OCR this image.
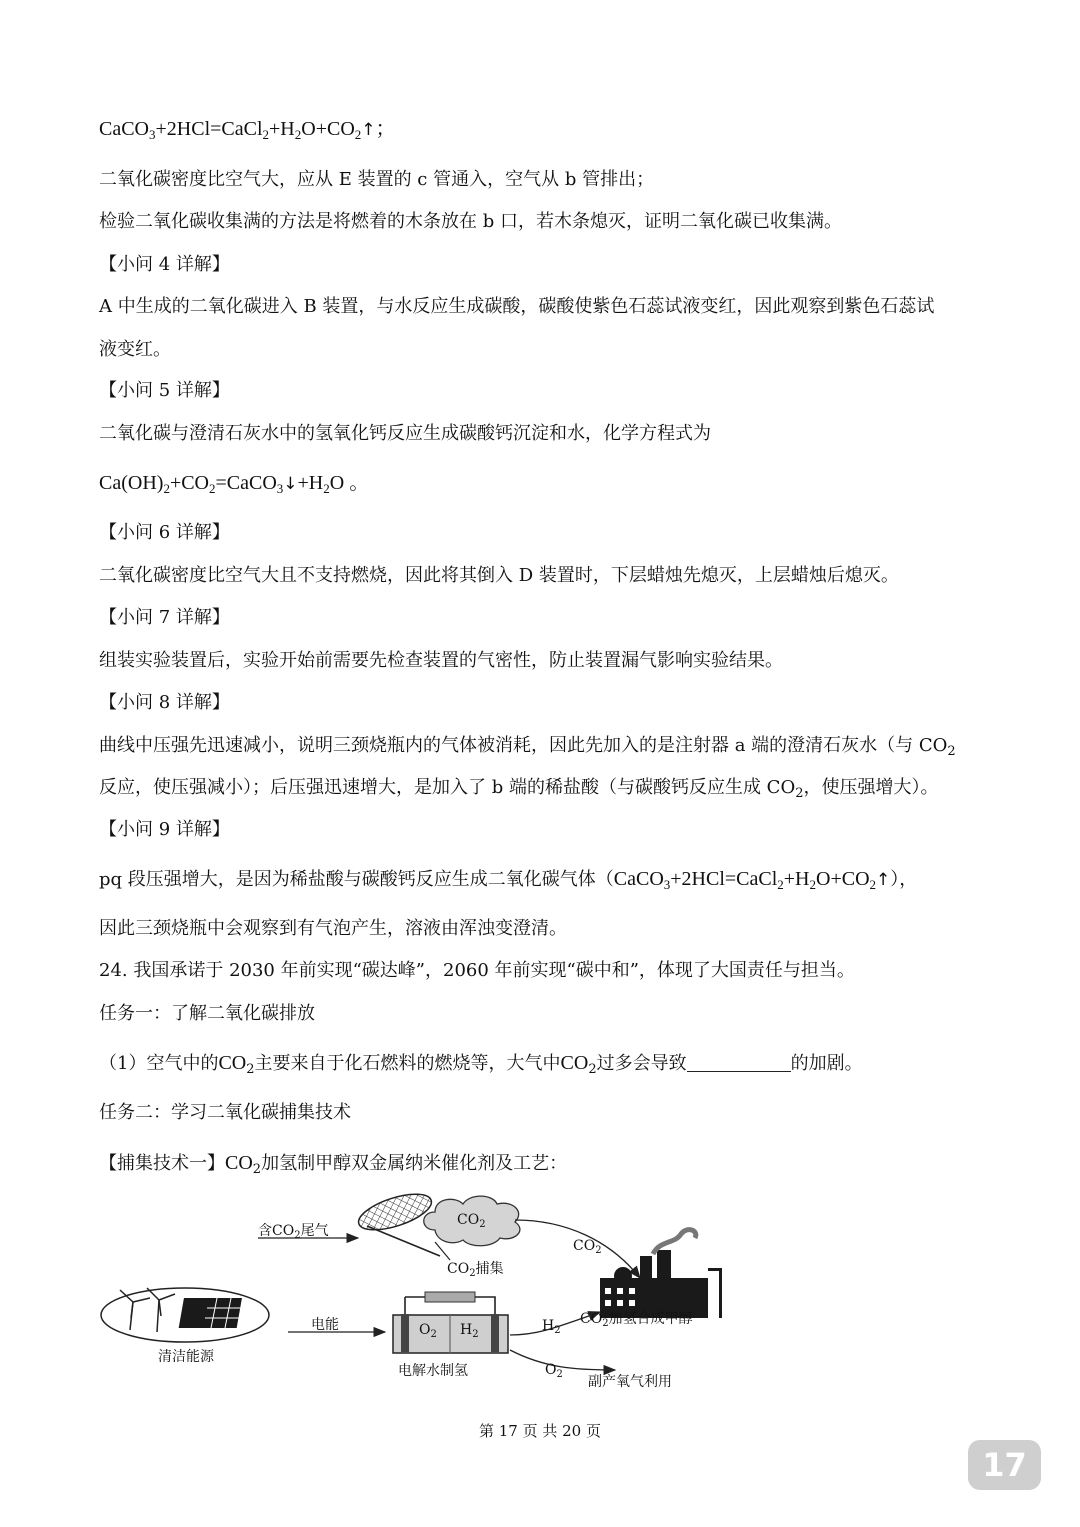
$CaCO_3+2HCl=CaCl_2+H_2O+CO_2↑$；
二氧化碳密度比空气大，应从 E 装置的 c 管通入，空气从 b 管排出；
检验二氧化碳收集满的方法是将燃着的木条放在 b 口，若木条熄灭，证明二氧化碳已收集满。
【小问 4 详解】
A 中生成的二氧化碳进入 B 装置，与水反应生成碳酸，碳酸使紫色石蕊试液变红，因此观察到紫色石蕊试
液变红。
【小问 5 详解】
二氧化碳与澄清石灰水中的氢氧化钙反应生成碳酸钙沉淀和水，化学方程式为
$Ca(OH)_2+CO_2=CaCO_3↓+H_2O$ 。
【小问 6 详解】
二氧化碳密度比空气大且不支持燃烧，因此将其倒入 D 装置时，下层蜡烛先熄灭，上层蜡烛后熄灭。
【小问 7 详解】
组装实验装置后，实验开始前需要先检查装置的气密性，防止装置漏气影响实验结果。
【小问 8 详解】
曲线中压强先迅速减小，说明三颈烧瓶内的气体被消耗，因此先加入的是注射器 a 端的澄清石灰水（与 $CO_2$
反应，使压强减小）；后压强迅速增大，是加入了 b 端的稀盐酸（与碳酸钙反应生成 $CO_2$，使压强增大）。
【小问 9 详解】
pq 段压强增大，是因为稀盐酸与碳酸钙反应生成二氧化碳气体$(CaCO_3+2HCl=CaCl_2+H_2O+CO_2↑)$，
因此三颈烧瓶中会观察到有气泡产生，溶液由浑浊变澄清。
24. 我国承诺于 2030 年前实现“碳达峰”，2060 年前实现“碳中和”，体现了大国责任与担当。
任务一：了解二氧化碳排放
（1）空气中的$CO_2$主要来自于化石燃料的燃烧等，大气中$CO_2$过多会导致	的加剧。
任务二：学习二氧化碳捕集技术
【捕集技术一】$CO_2$加氢制甲醇双金属纳米催化剂及工艺：
含$CO_2$尾气
$CO_2$
$CO_2$捕集
$CO_2$
$CO_2$加氢合成甲醇
清洁能源
电能	$O_2$ $H_2$
电解水制氢
$H_2$
$O_2$ 副产氧气利用
第 17 页 共 20 页
17
